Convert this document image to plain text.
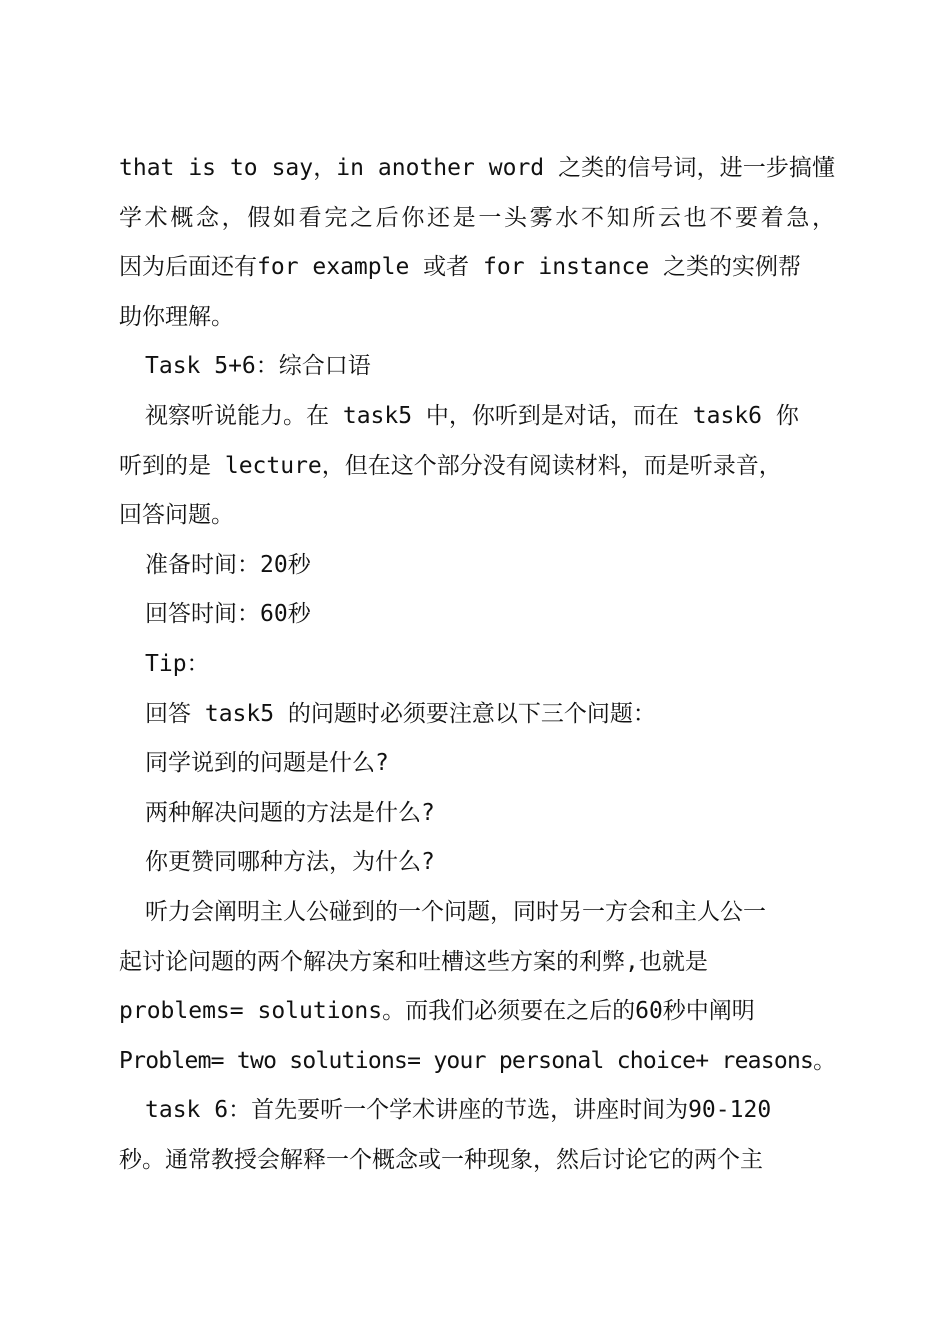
that is to say，in another word 之类的信号词，进一步搞懂
学术概念，假如看完之后你还是一头雾水不知所云也不要着急，
因为后面还有for example 或者 for instance 之类的实例帮
助你理解。
Task 5+6：综合口语
视察听说能力。在 task5 中，你听到是对话，而在 task6 你
听到的是 lecture，但在这个部分没有阅读材料，而是听录音，
回答问题。
准备时间：20秒
回答时间：60秒
Tip：
回答 task5 的问题时必须要注意以下三个问题：
同学说到的问题是什么?
两种解决问题的方法是什么?
你更赞同哪种方法，为什么?
听力会阐明主人公碰到的一个问题，同时另一方会和主人公一
起讨论问题的两个解决方案和吐槽这些方案的利弊,也就是
problems= solutions。而我们必须要在之后的60秒中阐明
Problem= two solutions= your personal choice+ reasons。
task 6：首先要听一个学术讲座的节选，讲座时间为90-120
秒。通常教授会解释一个概念或一种现象，然后讨论它的两个主
